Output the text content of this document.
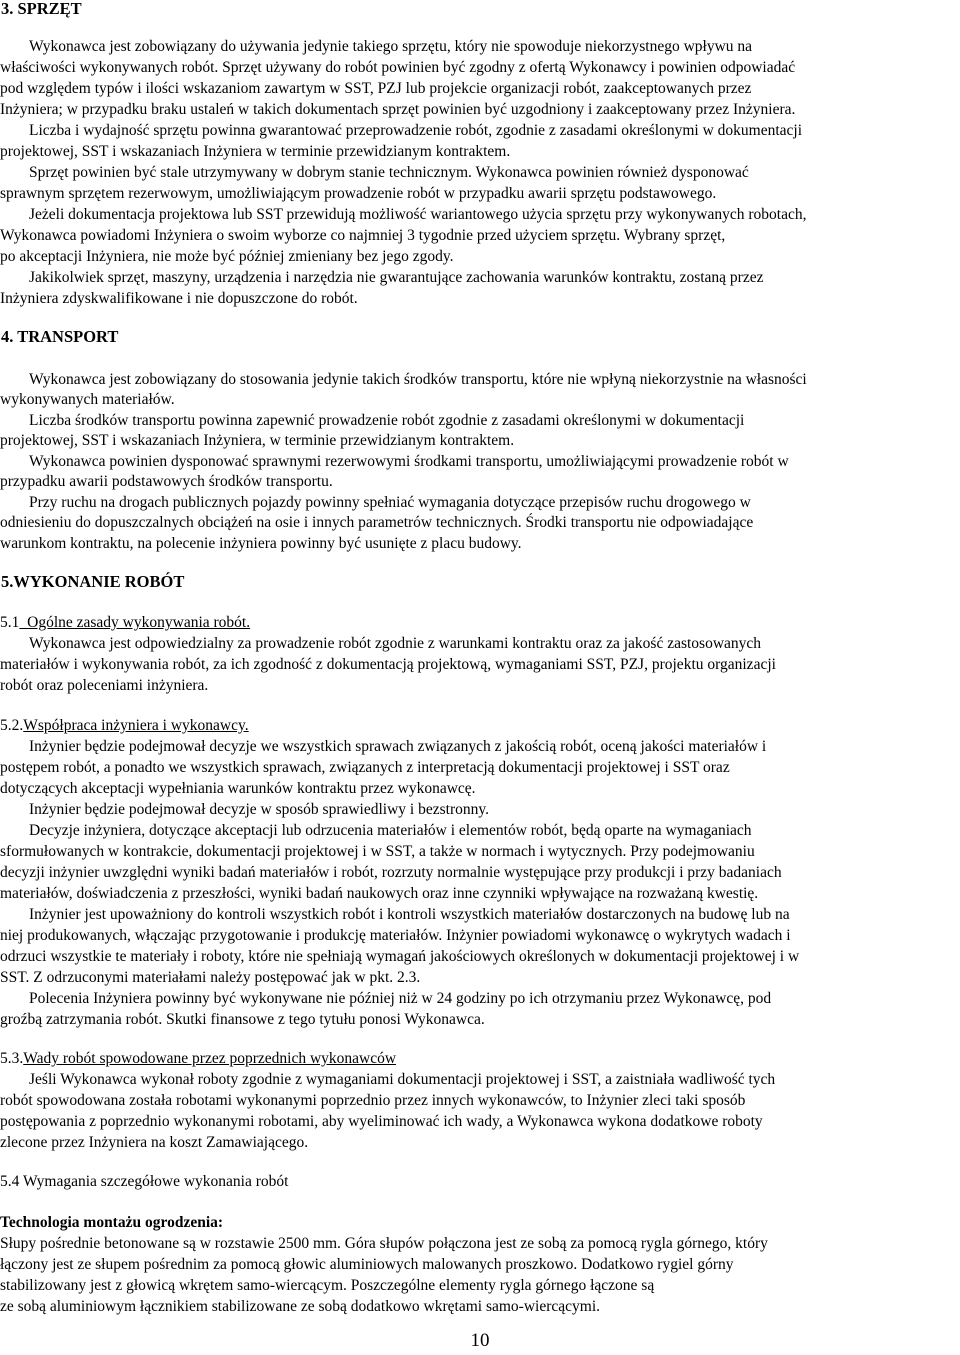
3. SPRZĘT
Wykonawca jest zobowiązany do używania jedynie takiego sprzętu, który nie spowoduje niekorzystnego wpływu na
właściwości wykonywanych robót. Sprzęt używany do robót powinien być zgodny z ofertą Wykonawcy i powinien odpowiadać
pod względem typów i ilości wskazaniom zawartym w SST, PZJ lub projekcie organizacji robót, zaakceptowanych przez
Inżyniera; w przypadku braku ustaleń w takich dokumentach sprzęt powinien być uzgodniony i zaakceptowany przez Inżyniera.
Liczba i wydajność sprzętu powinna gwarantować przeprowadzenie robót, zgodnie z zasadami określonymi w dokumentacji
projektowej, SST i wskazaniach Inżyniera w terminie przewidzianym kontraktem.
Sprzęt powinien być stale utrzymywany w dobrym stanie technicznym. Wykonawca powinien również dysponować
sprawnym sprzętem rezerwowym, umożliwiającym prowadzenie robót w przypadku awarii sprzętu podstawowego.
Jeżeli dokumentacja projektowa lub SST przewidują możliwość wariantowego użycia sprzętu przy wykonywanych robotach,
Wykonawca powiadomi Inżyniera o swoim wyborze co najmniej 3 tygodnie przed użyciem sprzętu. Wybrany sprzęt,
po akceptacji Inżyniera, nie może być później zmieniany bez jego zgody.
Jakikolwiek sprzęt, maszyny, urządzenia i narzędzia nie gwarantujące zachowania warunków kontraktu, zostaną przez
Inżyniera zdyskwalifikowane i nie dopuszczone do robót.
4. TRANSPORT
Wykonawca jest zobowiązany do stosowania jedynie takich środków transportu, które nie wpłyną niekorzystnie na własności
wykonywanych materiałów.
Liczba środków transportu powinna zapewnić prowadzenie robót zgodnie z zasadami określonymi w dokumentacji
projektowej, SST i wskazaniach Inżyniera, w terminie przewidzianym kontraktem.
Wykonawca powinien dysponować sprawnymi rezerwowymi środkami transportu, umożliwiającymi prowadzenie robót w
przypadku awarii podstawowych środków transportu.
Przy ruchu na drogach publicznych pojazdy powinny spełniać wymagania dotyczące przepisów ruchu drogowego w
odniesieniu do dopuszczalnych obciążeń na osie i innych parametrów technicznych. Środki transportu nie odpowiadające
warunkom kontraktu, na polecenie inżyniera powinny być usunięte z placu budowy.
5.WYKONANIE ROBÓT
5.1  Ogólne zasady wykonywania robót.
Wykonawca jest odpowiedzialny za prowadzenie robót zgodnie z warunkami kontraktu oraz za jakość zastosowanych
materiałów i wykonywania robót, za ich zgodność z dokumentacją projektową, wymaganiami SST, PZJ, projektu organizacji
robót oraz poleceniami inżyniera.
5.2.Współpraca inżyniera i wykonawcy.
Inżynier będzie podejmował decyzje we wszystkich sprawach związanych z jakością robót, oceną jakości materiałów i
postępem robót, a ponadto we wszystkich sprawach, związanych z interpretacją dokumentacji projektowej i SST oraz
dotyczących akceptacji wypełniania warunków kontraktu przez wykonawcę.
Inżynier będzie podejmował decyzje w sposób sprawiedliwy i bezstronny.
Decyzje inżyniera, dotyczące akceptacji lub odrzucenia materiałów i elementów robót, będą oparte na wymaganiach
sformułowanych w kontrakcie, dokumentacji projektowej i w SST, a także w normach i wytycznych. Przy podejmowaniu
decyzji inżynier uwzględni wyniki badań materiałów i robót, rozrzuty normalnie występujące przy produkcji i przy badaniach
materiałów, doświadczenia z przeszłości, wyniki badań naukowych oraz inne czynniki wpływające na rozważaną kwestię.
Inżynier jest upoważniony do kontroli wszystkich robót i kontroli wszystkich materiałów dostarczonych na budowę lub na
niej produkowanych, włączając przygotowanie i produkcję materiałów. Inżynier powiadomi wykonawcę o wykrytych wadach i
odrzuci wszystkie te materiały i roboty, które nie spełniają wymagań jakościowych określonych w dokumentacji projektowej i w
SST. Z odrzuconymi materiałami należy postępować jak w pkt. 2.3.
Polecenia Inżyniera powinny być wykonywane nie później niż w 24 godziny po ich otrzymaniu przez Wykonawcę, pod
groźbą zatrzymania robót. Skutki finansowe z tego tytułu ponosi Wykonawca.
5.3.Wady robót spowodowane przez poprzednich wykonawców
Jeśli Wykonawca wykonał roboty zgodnie z wymaganiami dokumentacji projektowej i SST, a zaistniała wadliwość tych
robót spowodowana została robotami wykonanymi poprzednio przez innych wykonawców, to Inżynier zleci taki sposób
postępowania z poprzednio wykonanymi robotami, aby wyeliminować ich wady, a Wykonawca wykona dodatkowe roboty
zlecone przez Inżyniera na koszt Zamawiającego.
5.4 Wymagania szczegółowe wykonania robót
Technologia montażu ogrodzenia:
Słupy pośrednie betonowane są w rozstawie 2500 mm. Góra słupów połączona jest ze sobą za pomocą rygla górnego, który
łączony jest ze słupem pośrednim za pomocą głowic aluminiowych malowanych proszkowo. Dodatkowo rygiel górny
stabilizowany jest z głowicą wkrętem samo-wiercącym. Poszczególne elementy rygla górnego łączone są
ze sobą aluminiowym łącznikiem stabilizowane ze sobą dodatkowo wkrętami samo-wiercącymi.
10
